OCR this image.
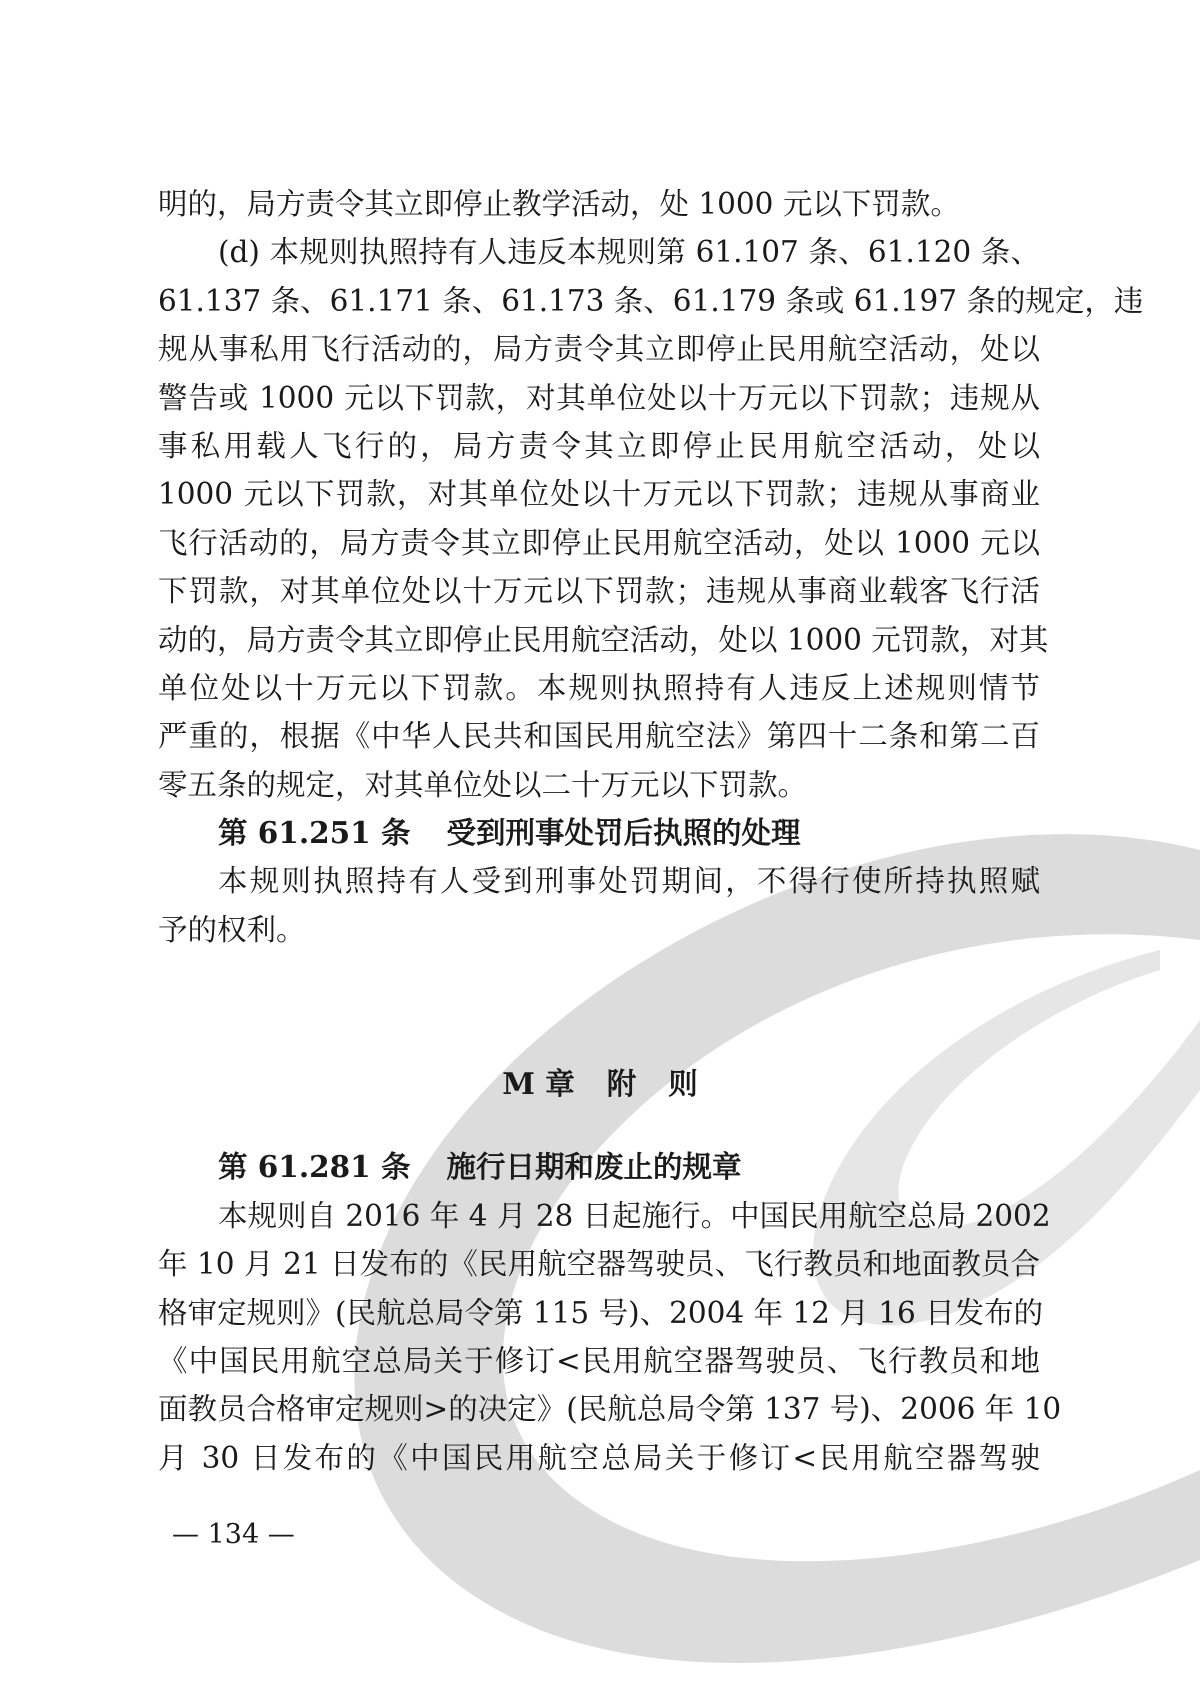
明的，局方责令其立即停止教学活动，处 1000 元以下罚款。
(d) 本规则执照持有人违反本规则第 61.107 条、61.120 条、
61.137 条、61.171 条、61.173 条、61.179 条或 61.197 条的规定，违
规从事私用飞行活动的，局方责令其立即停止民用航空活动，处以
警告或 1000 元以下罚款，对其单位处以十万元以下罚款；违规从
事私用载人飞行的，局方责令其立即停止民用航空活动，处以
1000 元以下罚款，对其单位处以十万元以下罚款；违规从事商业
飞行活动的，局方责令其立即停止民用航空活动，处以 1000 元以
下罚款，对其单位处以十万元以下罚款；违规从事商业载客飞行活
动的，局方责令其立即停止民用航空活动，处以 1000 元罚款，对其
单位处以十万元以下罚款。本规则执照持有人违反上述规则情节
严重的，根据《中华人民共和国民用航空法》第四十二条和第二百
零五条的规定，对其单位处以二十万元以下罚款。
第 61.251 条 受到刑事处罚后执照的处理
本规则执照持有人受到刑事处罚期间，不得行使所持执照赋
予的权利。
M 章 附 则
第 61.281 条 施行日期和废止的规章
本规则自 2016 年 4 月 28 日起施行。中国民用航空总局 2002
年 10 月 21 日发布的《民用航空器驾驶员、飞行教员和地面教员合
格审定规则》(民航总局令第 115 号)、2004 年 12 月 16 日发布的
《中国民用航空总局关于修订<民用航空器驾驶员、飞行教员和地
面教员合格审定规则>的决定》(民航总局令第 137 号)、2006 年 10
月 30 日发布的《中国民用航空总局关于修订<民用航空器驾驶
— 134 —
